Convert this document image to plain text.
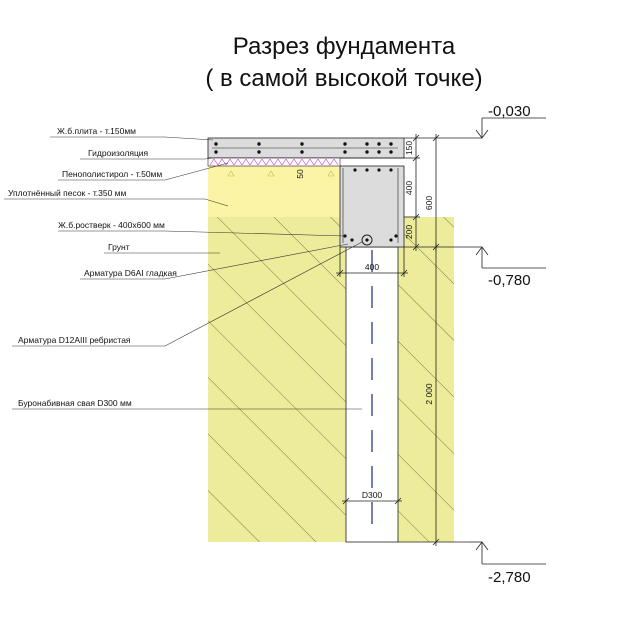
Разрез фундамента
( в самой высокой точке)
Ж.б.плита - т.150мм
Гидроизоляция
Пенополистирол - т.50мм
Уплотнённый песок - т.350 мм
Ж.б.ростверк - 400х600 мм
Грунт
Арматура D6AI гладкая
Арматура D12AIII ребристая
Буронабивная свая D300 мм
150
400
200
600
2 000
50
400
D300
-0,030
-0,780
-2,780
